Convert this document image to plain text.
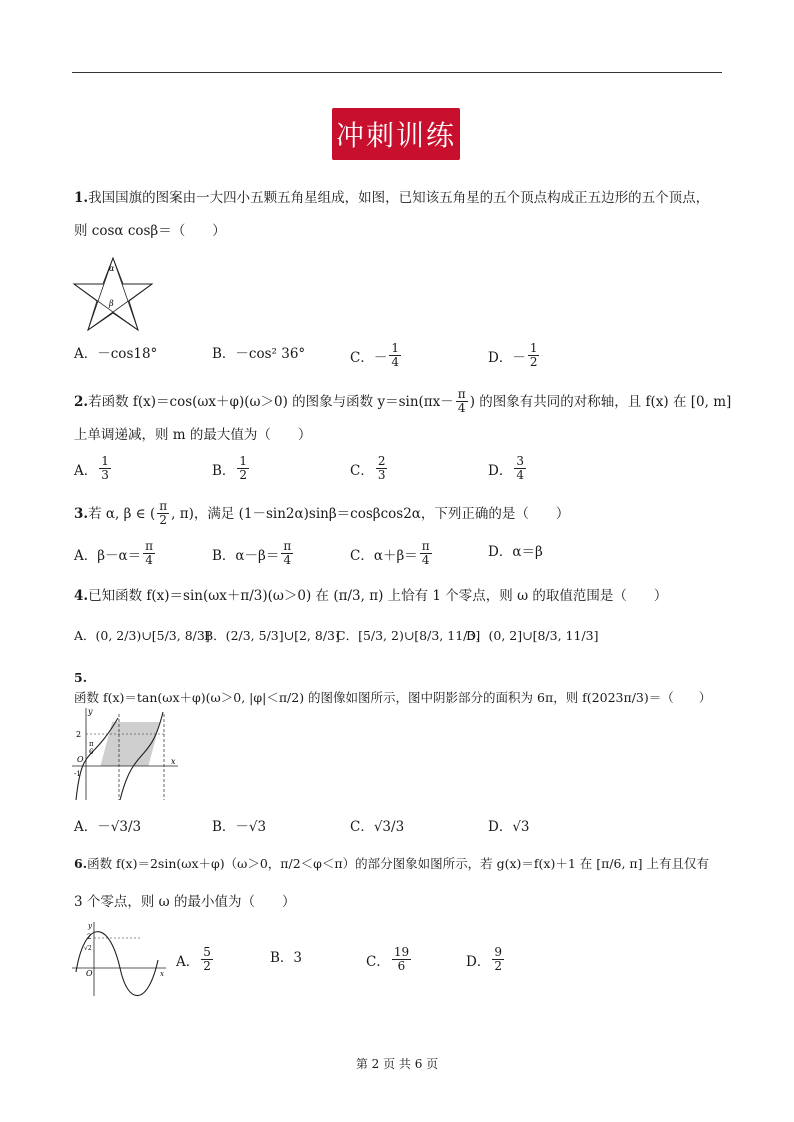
冲刺训练
1.我国国旗的图案由一大四小五颗五角星组成，如图，已知该五角星的五个顶点构成正五边形的五个顶点，
则 cosα cosβ＝（　　）
α
β
A．－cos18°	B．－cos² 36°	C．－ $\frac{1}{4}$	D．－ $\frac{1}{2}$
2. 若函数 f(x)＝cos(ωx＋φ)(ω＞0) 的图象与函数 $y=\sin(\pi x- \frac{\pi}{4}$ ) 的图象有共同的对称轴，且 f(x) 在 [0, m]
上单调递减，则 m 的最大值为（　　）
A． $\frac{1}{3}$	B． $\frac{1}{2}$	C． $\frac{2}{3}$	D． $\frac{3}{4}$
3. 若 α, β ∈ ( $\frac{\pi}{2}$ , π)，满足 (1－sin2α)sinβ＝cosβcos2α，下列正确的是（　　）
A．$\beta-\alpha= \frac{\pi}{4}$	B．$\alpha-\beta= \frac{\pi}{4}$	C．$\alpha+\beta= \frac{\pi}{4}$	D．α＝β
4.已知函数 f(x)＝sin(ωx＋π/3)(ω＞0) 在 (π/3, π) 上恰有 1 个零点，则 ω 的取值范围是（　　）
A．(0, 2/3)∪[5/3, 8/3]
B．(2/3, 5/3]∪[2, 8/3]
C．[5/3, 2)∪[8/3, 11/3]
D．(0, 2]∪[8/3, 11/3]
5.函数 f(x)＝tan(ωx＋φ)(ω＞0, |φ|＜π/2) 的图像如图所示，图中阴影部分的面积为 6π，则 f(2023π/3)＝（　　）
y
2
π
6
O
-1
x
A．－√3/3	B．－√3	C．√3/3	D．√3
6.函数 f(x)＝2sin(ωx＋φ)（ω＞0，π/2＜φ＜π）的部分图象如图所示，若 g(x)＝f(x)＋1 在 [π/6, π] 上有且仅有
3 个零点，则 ω 的最小值为（　　）
y
2
√2
O	x
A． $\frac{5}{2}$	B．3	C． $\frac{19}{6}$	D． $\frac{9}{2}$
第 2 页 共 6 页
